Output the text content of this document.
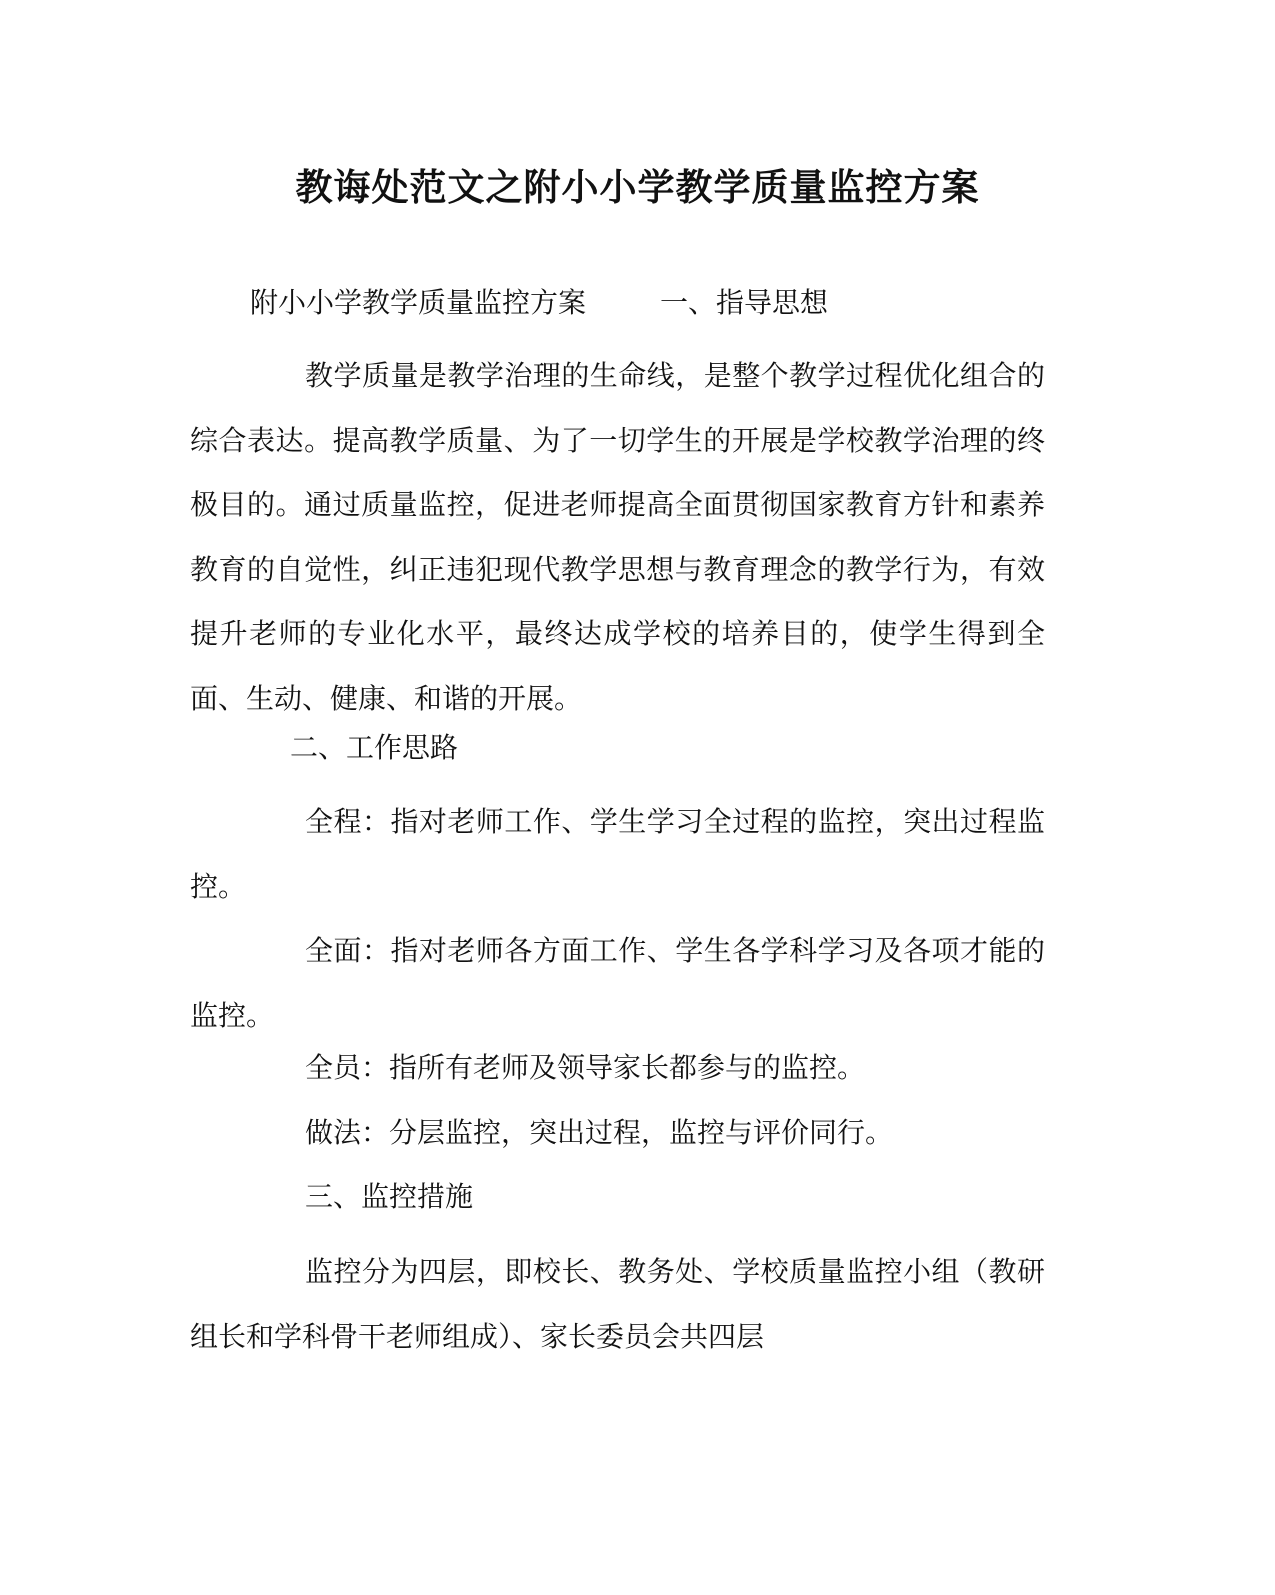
教诲处范文之附小小学教学质量监控方案

附小小学教学质量监控方案	一、指导思想

教学质量是教学治理的生命线，是整个教学过程优化组合的综合表达。提高教学质量、为了一切学生的开展是学校教学治理的终极目的。通过质量监控，促进老师提高全面贯彻国家教育方针和素养教育的自觉性，纠正违犯现代教学思想与教育理念的教学行为，有效提升老师的专业化水平，最终达成学校的培养目的，使学生得到全面、生动、健康、和谐的开展。

二、工作思路

全程：指对老师工作、学生学习全过程的监控，突出过程监控。

全面：指对老师各方面工作、学生各学科学习及各项才能的监控。

全员：指所有老师及领导家长都参与的监控。

做法：分层监控，突出过程，监控与评价同行。

三、监控措施

监控分为四层，即校长、教务处、学校质量监控小组（教研组长和学科骨干老师组成）、家长委员会共四层
